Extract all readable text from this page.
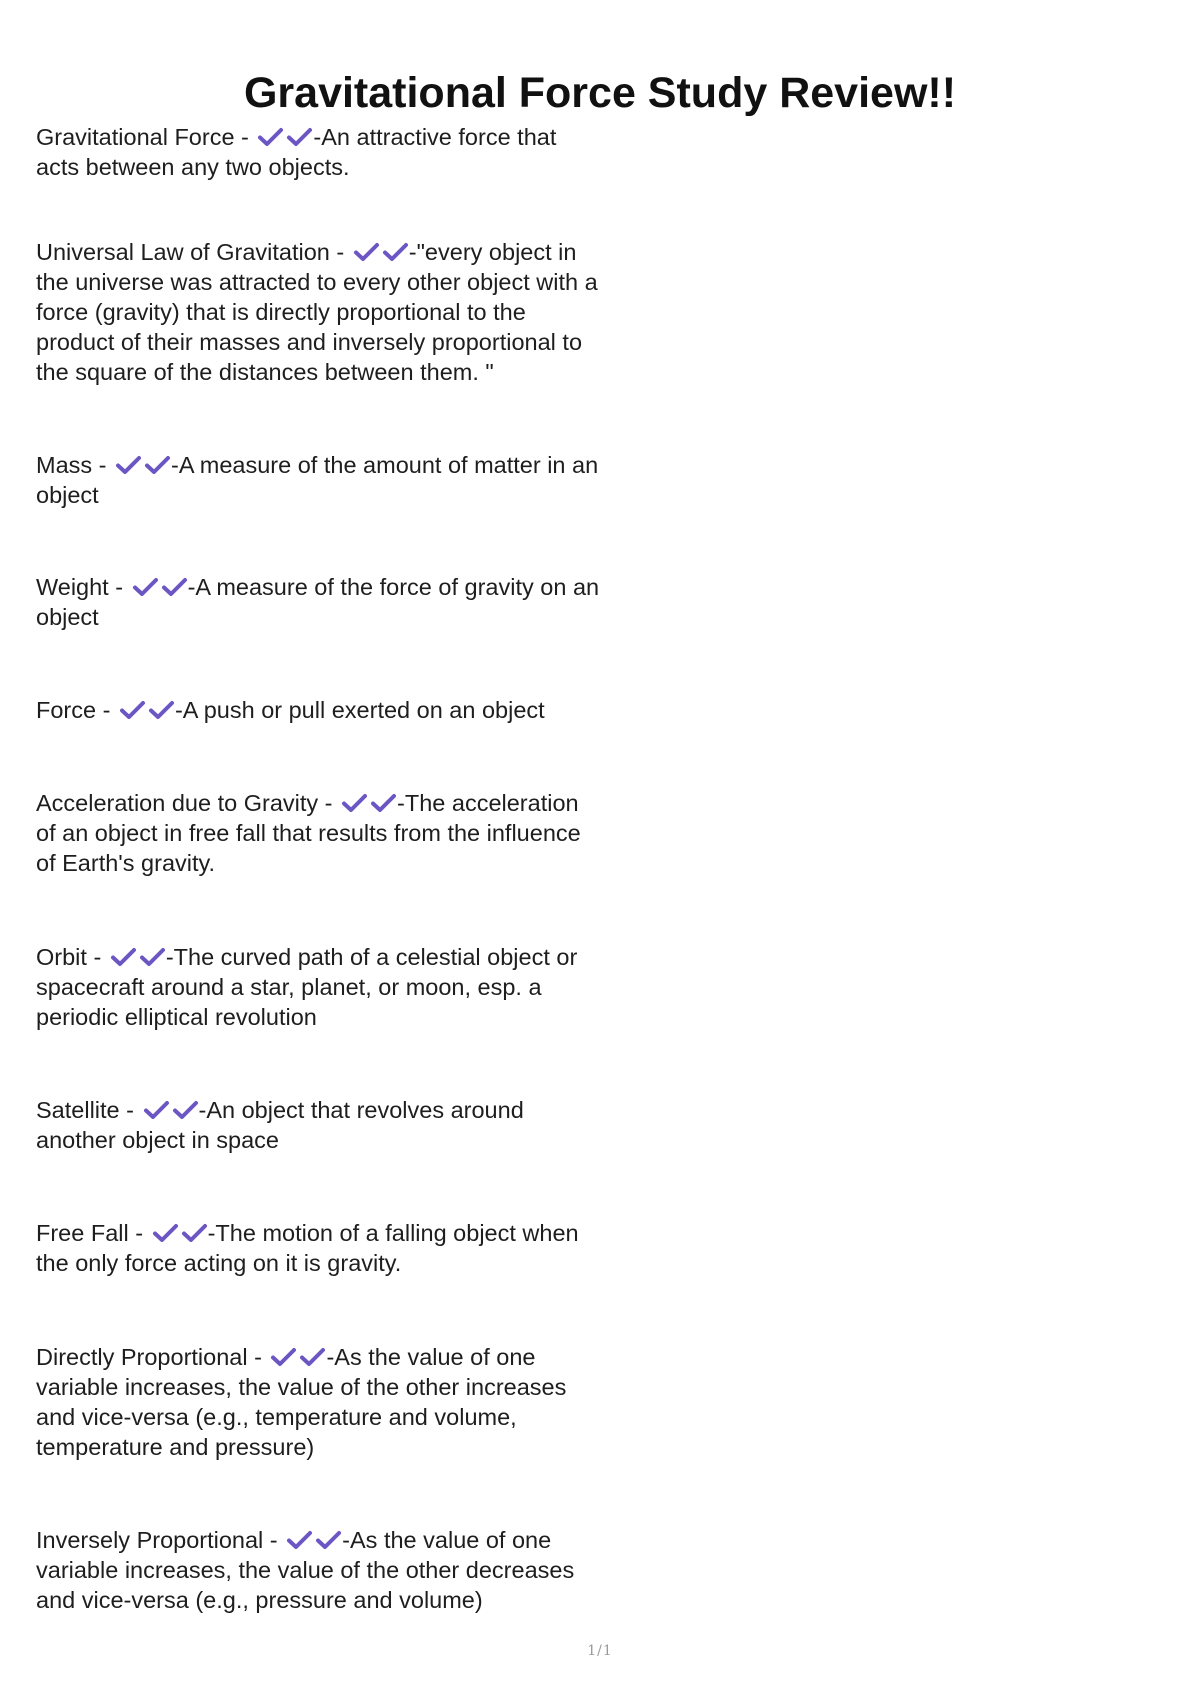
Gravitational Force Study Review!!
Gravitational Force -	-An attractive force that acts between any two objects.
Universal Law of Gravitation -	-"every object in the universe was attracted to every other object with a force (gravity) that is directly proportional to the product of their masses and inversely proportional to the square of the distances between them. "
Mass -	-A measure of the amount of matter in an object
Weight -	-A measure of the force of gravity on an object
Force -	-A push or pull exerted on an object
Acceleration due to Gravity -	-The acceleration of an object in free fall that results from the influence of Earth's gravity.
Orbit -	-The curved path of a celestial object or spacecraft around a star, planet, or moon, esp. a periodic elliptical revolution
Satellite -	-An object that revolves around another object in space
Free Fall -	-The motion of a falling object when the only force acting on it is gravity.
Directly Proportional -	-As the value of one variable increases, the value of the other increases and vice-versa (e.g., temperature and volume, temperature and pressure)
Inversely Proportional -	-As the value of one variable increases, the value of the other decreases and vice-versa (e.g., pressure and volume)
1/1
